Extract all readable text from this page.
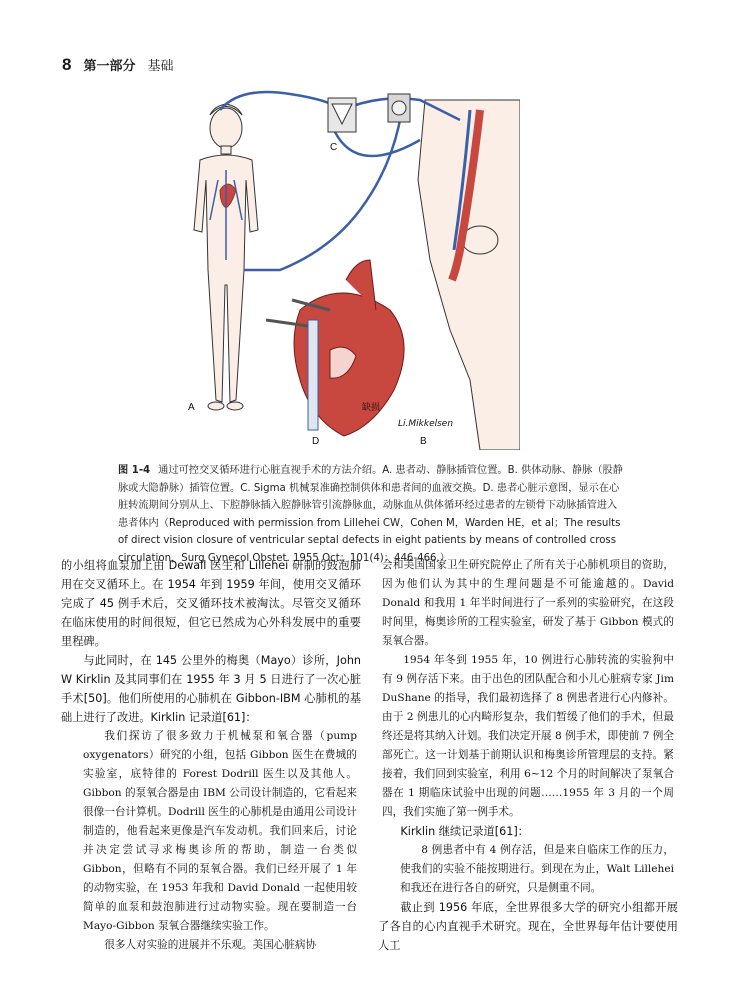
8 第一部分 基础
A
B
C
D
缺损
Li.Mikkelsen
图 1-4 通过可控交叉循环进行心脏直视手术的方法介绍。A. 患者动、静脉插管位置。B. 供体动脉、静脉（股静脉或大隐静脉）插管位置。C. Sigma 机械泵准确控制供体和患者间的血液交换。D. 患者心脏示意图，显示在心脏转流期间分别从上、下腔静脉插入腔静脉管引流静脉血，动脉血从供体循环经过患者的左锁骨下动脉插管进入患者体内（Reproduced with permission from Lillehei CW，Cohen M，Warden HE，et al；The results of direct vision closure of ventricular septal defects in eight patients by means of controlled cross circulation，Surg Gynecol Obstet. 1955 Oct；101(4)：446-466.）

的小组将血泵加上由 Dewall 医生和 Lillehei 研制的鼓泡肺用在交叉循环上。在 1954 年到 1959 年间，使用交叉循环完成了 45 例手术后，交叉循环技术被淘汰。尽管交叉循环在临床使用的时间很短，但它已然成为心外科发展中的重要里程碑。

与此同时，在 145 公里外的梅奥（Mayo）诊所，John W Kirklin 及其同事们在 1955 年 3 月 5 日进行了一次心脏手术[50]。他们所使用的心肺机在 Gibbon-IBM 心肺机的基础上进行了改进。Kirklin 记录道[61]：

我们探访了很多致力于机械泵和氧合器（pump oxygenators）研究的小组，包括 Gibbon 医生在费城的实验室，底特律的 Forest Dodrill 医生以及其他人。Gibbon 的泵氧合器是由 IBM 公司设计制造的，它看起来很像一台计算机。Dodrill 医生的心肺机是由通用公司设计制造的，他看起来更像是汽车发动机。我们回来后，讨论并决定尝试寻求梅奥诊所的帮助，制造一台类似 Gibbon，但略有不同的泵氧合器。我们已经开展了 1 年的动物实验，在 1953 年我和 David Donald 一起使用较简单的血泵和鼓泡肺进行过动物实验。现在要制造一台 Mayo-Gibbon 泵氧合器继续实验工作。

很多人对实验的进展并不乐观。美国心脏病协

会和美国国家卫生研究院停止了所有关于心肺机项目的资助，因为他们认为其中的生理问题是不可能逾越的。David Donald 和我用 1 年半时间进行了一系列的实验研究，在这段时间里，梅奥诊所的工程实验室，研发了基于 Gibbon 模式的泵氧合器。

1954 年冬到 1955 年，10 例进行心肺转流的实验狗中有 9 例存活下来。由于出色的团队配合和小儿心脏病专家 Jim DuShane 的指导，我们最初选择了 8 例患者进行心内修补。由于 2 例患儿的心内畸形复杂，我们暂缓了他们的手术，但最终还是将其纳入计划。我们决定开展 8 例手术，即使前 7 例全部死亡。这一计划基于前期认识和梅奥诊所管理层的支持。紧接着，我们回到实验室，利用 6~12 个月的时间解决了泵氧合器在 1 期临床试验中出现的问题……1955 年 3 月的一个周四，我们实施了第一例手术。

Kirklin 继续记录道[61]：

8 例患者中有 4 例存活，但是来自临床工作的压力，使我们的实验不能按期进行。到现在为止，Walt Lillehei 和我还在进行各自的研究，只是侧重不同。

截止到 1956 年底，全世界很多大学的研究小组都开展了各自的心内直视手术研究。现在，全世界每年估计要使用人工
